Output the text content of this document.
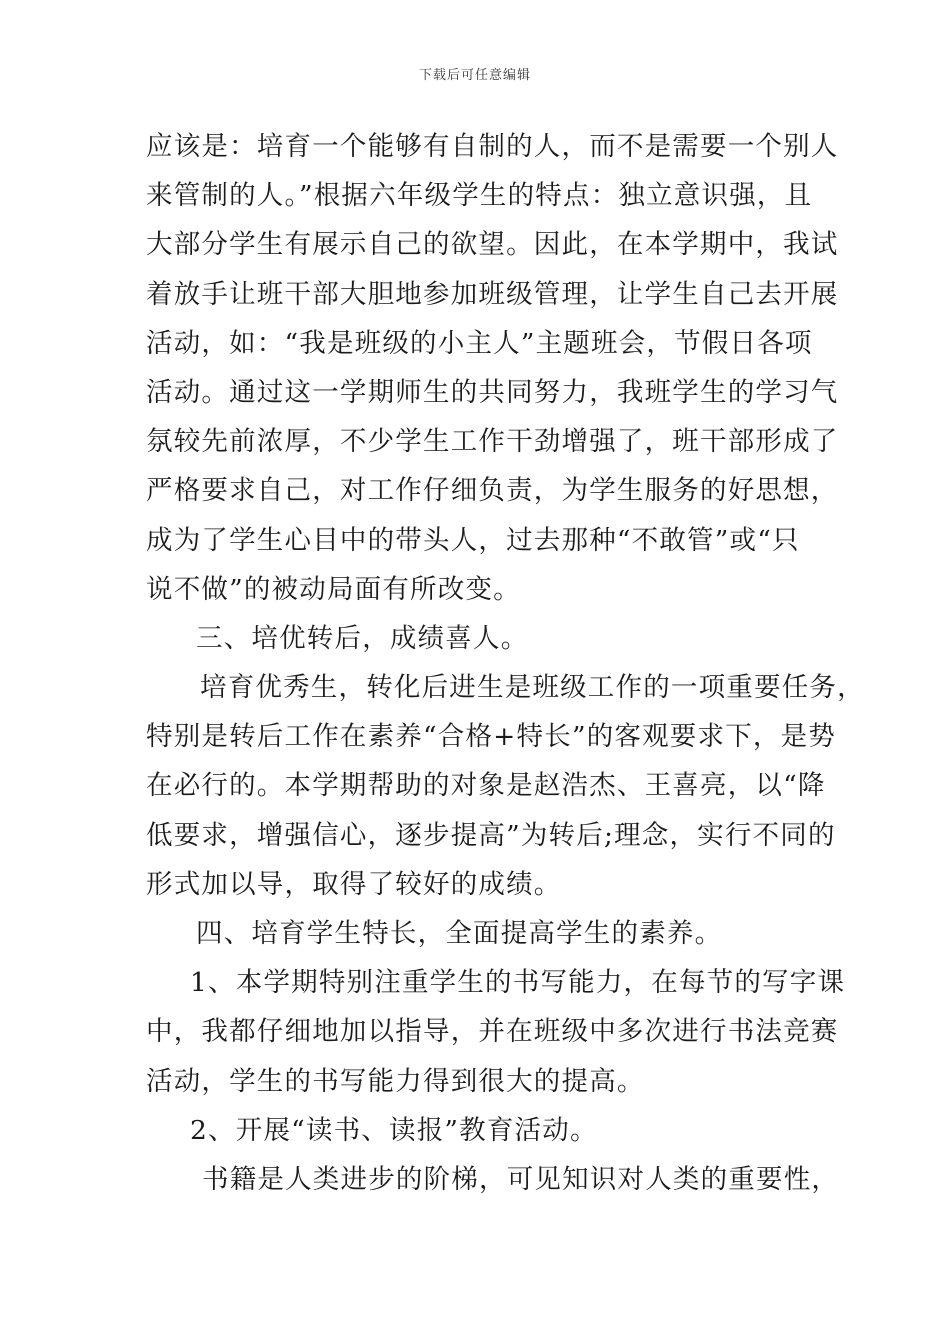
下载后可任意编辑
应该是：培育一个能够有自制的人，而不是需要一个别人
来管制的人。”根据六年级学生的特点：独立意识强，且
大部分学生有展示自己的欲望。因此，在本学期中，我试
着放手让班干部大胆地参加班级管理，让学生自己去开展
活动，如：“我是班级的小主人”主题班会，节假日各项
活动。通过这一学期师生的共同努力，我班学生的学习气
氛较先前浓厚，不少学生工作干劲增强了，班干部形成了
严格要求自己，对工作仔细负责，为学生服务的好思想，
成为了学生心目中的带头人，过去那种“不敢管”或“只
说不做”的被动局面有所改变。
三、培优转后，成绩喜人。
培育优秀生，转化后进生是班级工作的一项重要任务，
特别是转后工作在素养“合格+特长”的客观要求下，是势
在必行的。本学期帮助的对象是赵浩杰、王喜亮，以“降
低要求，增强信心，逐步提高”为转后;理念，实行不同的
形式加以导，取得了较好的成绩。
四、培育学生特长，全面提高学生的素养。
1、本学期特别注重学生的书写能力，在每节的写字课
中，我都仔细地加以指导，并在班级中多次进行书法竞赛
活动，学生的书写能力得到很大的提高。
2、开展“读书、读报”教育活动。
书籍是人类进步的阶梯，可见知识对人类的重要性，
